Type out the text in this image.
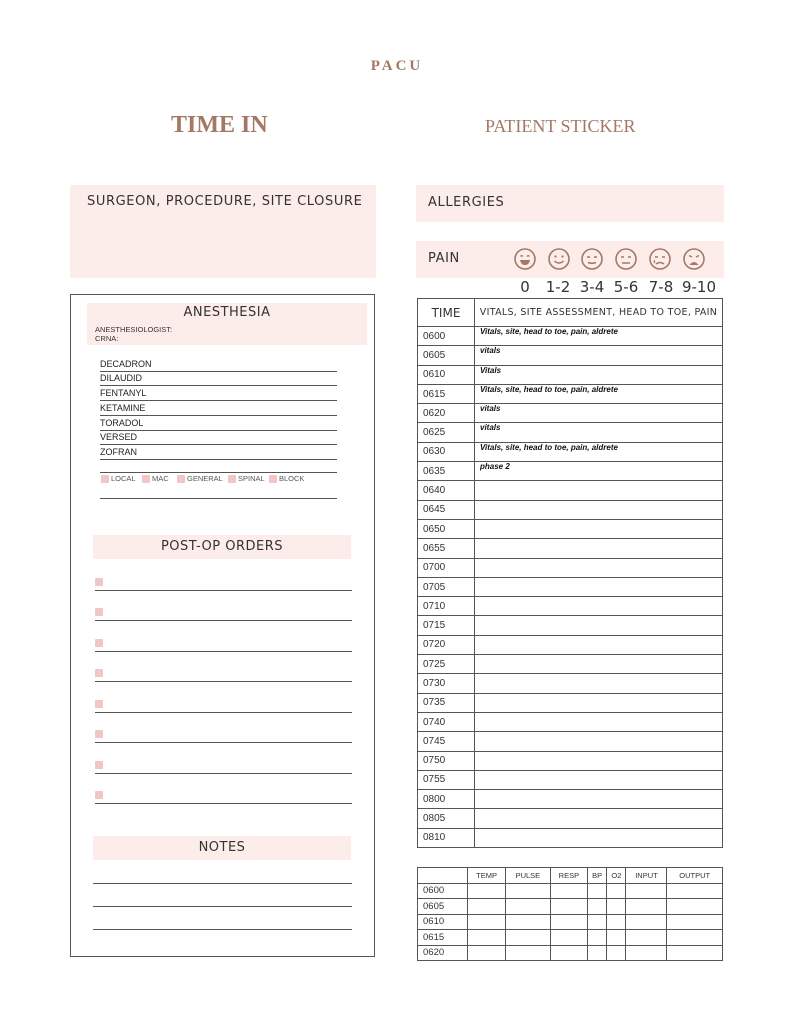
PACU
TIME IN	PATIENT STICKER
SURGEON, PROCEDURE, SITE CLOSURE	ALLERGIES
PAIN
0	1-2 3-4 5-6 7-8 9-10
ANESTHESIA
ANESTHESIOLOGIST:
CRNA:
DECADRON
DILAUDID
FENTANYL
KETAMINE
TORADOL
VERSED
ZOFRAN
LOCAL	MAC	GENERAL	SPINAL	BLOCK
POST-OP ORDERS
NOTES
TIME	VITALS, SITE ASSESSMENT, HEAD TO TOE, PAIN
0600	Vitals, site, head to toe, pain, aldrete
0605	vitals
0610	Vitals
0615	Vitals, site, head to toe, pain, aldrete
0620	vitals
0625	vitals
0630	Vitals, site, head to toe, pain, aldrete
0635	phase 2
0640	
0645	
0650	
0655	
0700	
0705	
0710	
0715	
0720	
0725	
0730	
0735	
0740	
0745	
0750	
0755	
0800	
0805	
0810	
	TEMP	PULSE	RESP	BP	O2	INPUT	OUTPUT
0600							
0605							
0610							
0615							
0620							
